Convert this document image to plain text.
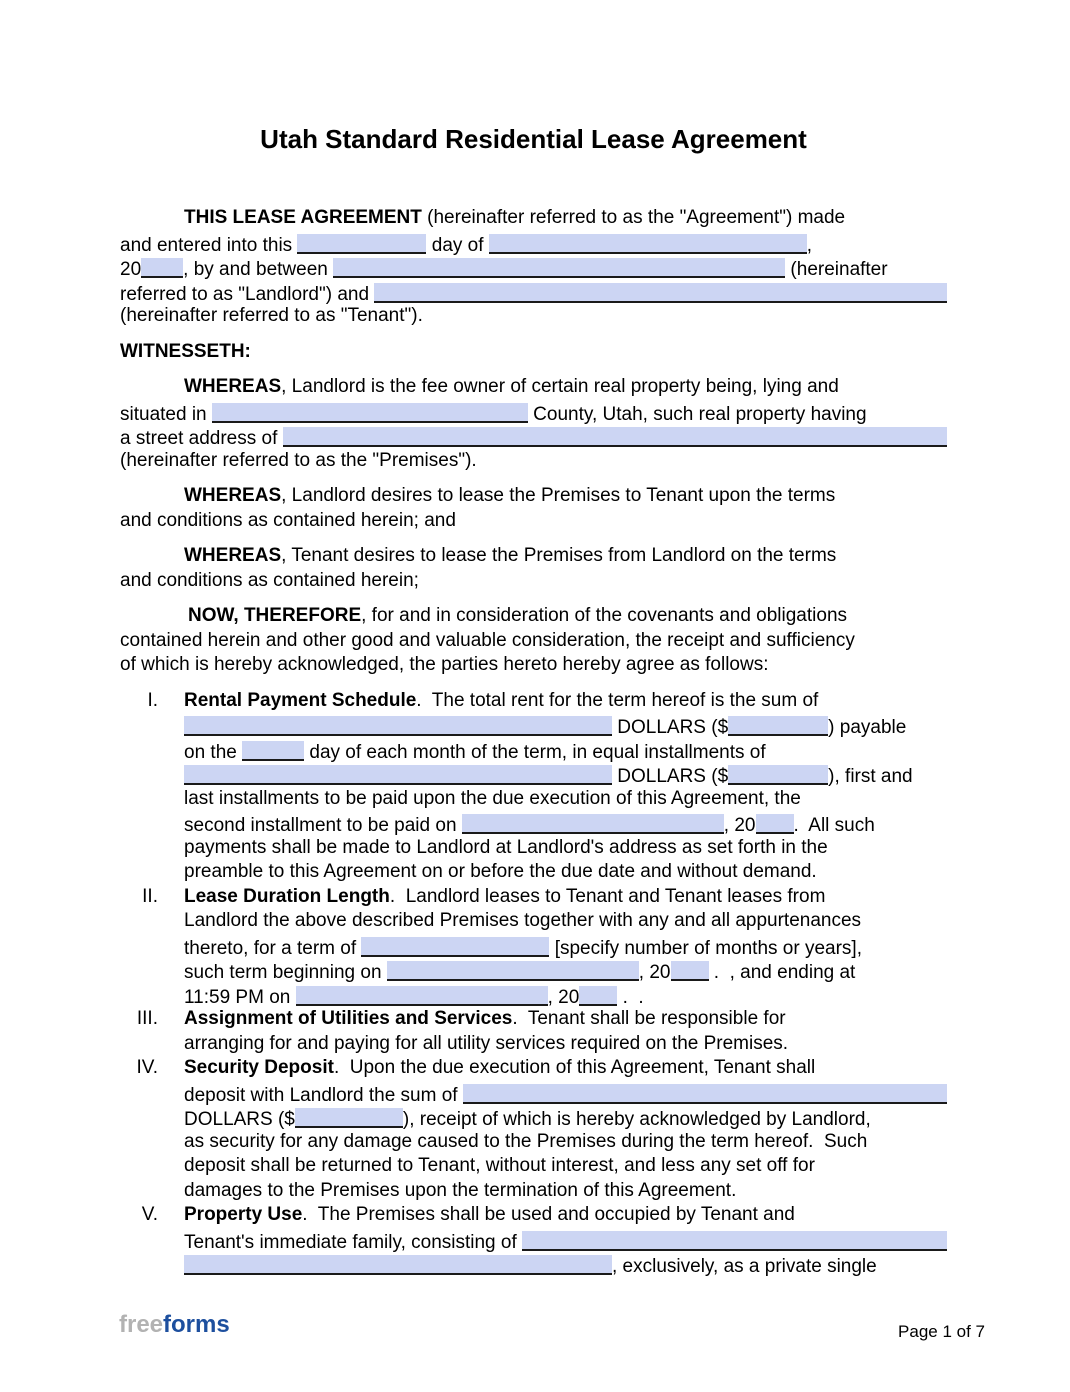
Utah Standard Residential Lease Agreement
THIS LEASE AGREEMENT (hereinafter referred to as the "Agreement") made
and entered into this	day of	,
20 , by and between	(hereinafter
referred to as "Landlord") and
(hereinafter referred to as "Tenant").
WITNESSETH:
WHEREAS , Landlord is the fee owner of certain real property being, lying and
situated in	County, Utah, such real property having
a street address of
(hereinafter referred to as the "Premises").
WHEREAS , Landlord desires to lease the Premises to Tenant upon the terms
and conditions as contained herein; and
WHEREAS , Tenant desires to lease the Premises from Landlord on the terms
and conditions as contained herein;
NOW, THEREFORE , for and in consideration of the covenants and obligations
contained herein and other good and valuable consideration, the receipt and sufficiency
of which is hereby acknowledged, the parties hereto hereby agree as follows:
I. Rental Payment Schedule .  The total rent for the term hereof is the sum of
DOLLARS ($	) payable
on the	day of each month of the term, in equal installments of
DOLLARS ($	), first and
last installments to be paid upon the due execution of this Agreement, the
second installment to be paid on	, 20 .  All such
payments shall be made to Landlord at Landlord's address as set forth in the
preamble to this Agreement on or before the due date and without demand.
II. Lease Duration Length .  Landlord leases to Tenant and Tenant leases from
Landlord the above described Premises together with any and all appurtenances
thereto, for a term of	[specify number of months or years],
such term beginning on	, 20 .  , and ending at
11:59 PM on	, 20 .  .
III. Assignment of Utilities and Services .  Tenant shall be responsible for
arranging for and paying for all utility services required on the Premises.
IV. Security Deposit .  Upon the due execution of this Agreement, Tenant shall
deposit with Landlord the sum of
DOLLARS ($	), receipt of which is hereby acknowledged by Landlord,
as security for any damage caused to the Premises during the term hereof.  Such
deposit shall be returned to Tenant, without interest, and less any set off for
damages to the Premises upon the termination of this Agreement.
V. Property Use .  The Premises shall be used and occupied by Tenant and
Tenant's immediate family, consisting of
, exclusively, as a private single
freeforms	Page 1 of 7
